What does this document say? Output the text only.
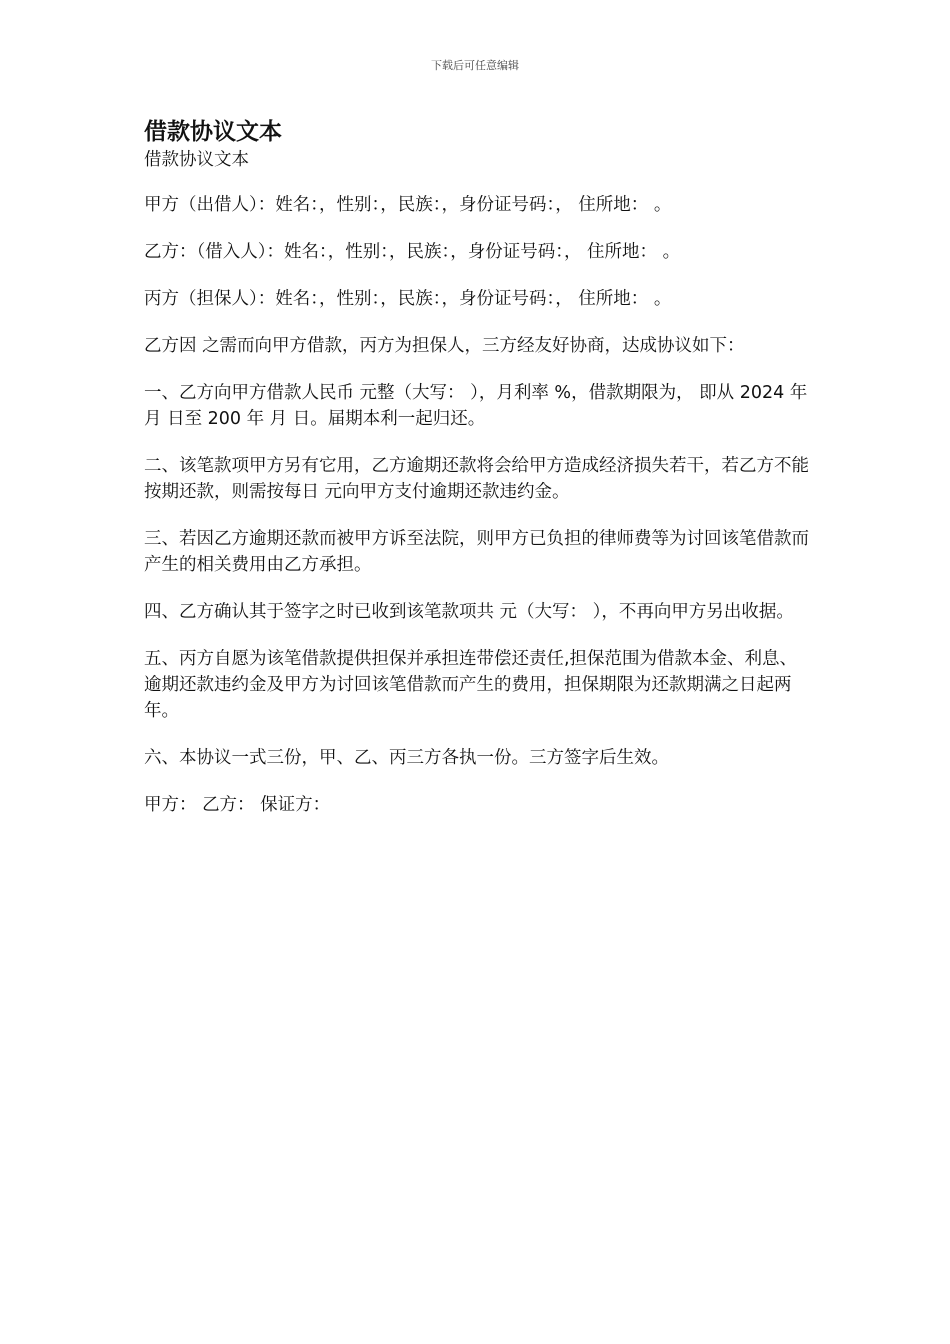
下载后可任意编辑
借款协议文本

借款协议文本

甲方（出借人）：姓名：，性别：，民族：，身份证号码：， 住所地： 。

乙方：（借入人）：姓名：，性别：，民族：，身份证号码：， 住所地： 。

丙方（担保人）：姓名：，性别：，民族：，身份证号码：， 住所地： 。

乙方因 之需而向甲方借款，丙方为担保人，三方经友好协商，达成协议如下：

一、乙方向甲方借款人民币 元整（大写： ），月利率 %，借款期限为， 即从 2024 年 月 日至 200 年 月 日。届期本利一起归还。

二、该笔款项甲方另有它用，乙方逾期还款将会给甲方造成经济损失若干，若乙方不能按期还款，则需按每日 元向甲方支付逾期还款违约金。

三、若因乙方逾期还款而被甲方诉至法院，则甲方已负担的律师费等为讨回该笔借款而产生的相关费用由乙方承担。

四、乙方确认其于签字之时已收到该笔款项共 元（大写： ），不再向甲方另出收据。

五、丙方自愿为该笔借款提供担保并承担连带偿还责任,担保范围为借款本金、利息、逾期还款违约金及甲方为讨回该笔借款而产生的费用，担保期限为还款期满之日起两年。

六、本协议一式三份，甲、乙、丙三方各执一份。三方签字后生效。

甲方： 乙方： 保证方：
